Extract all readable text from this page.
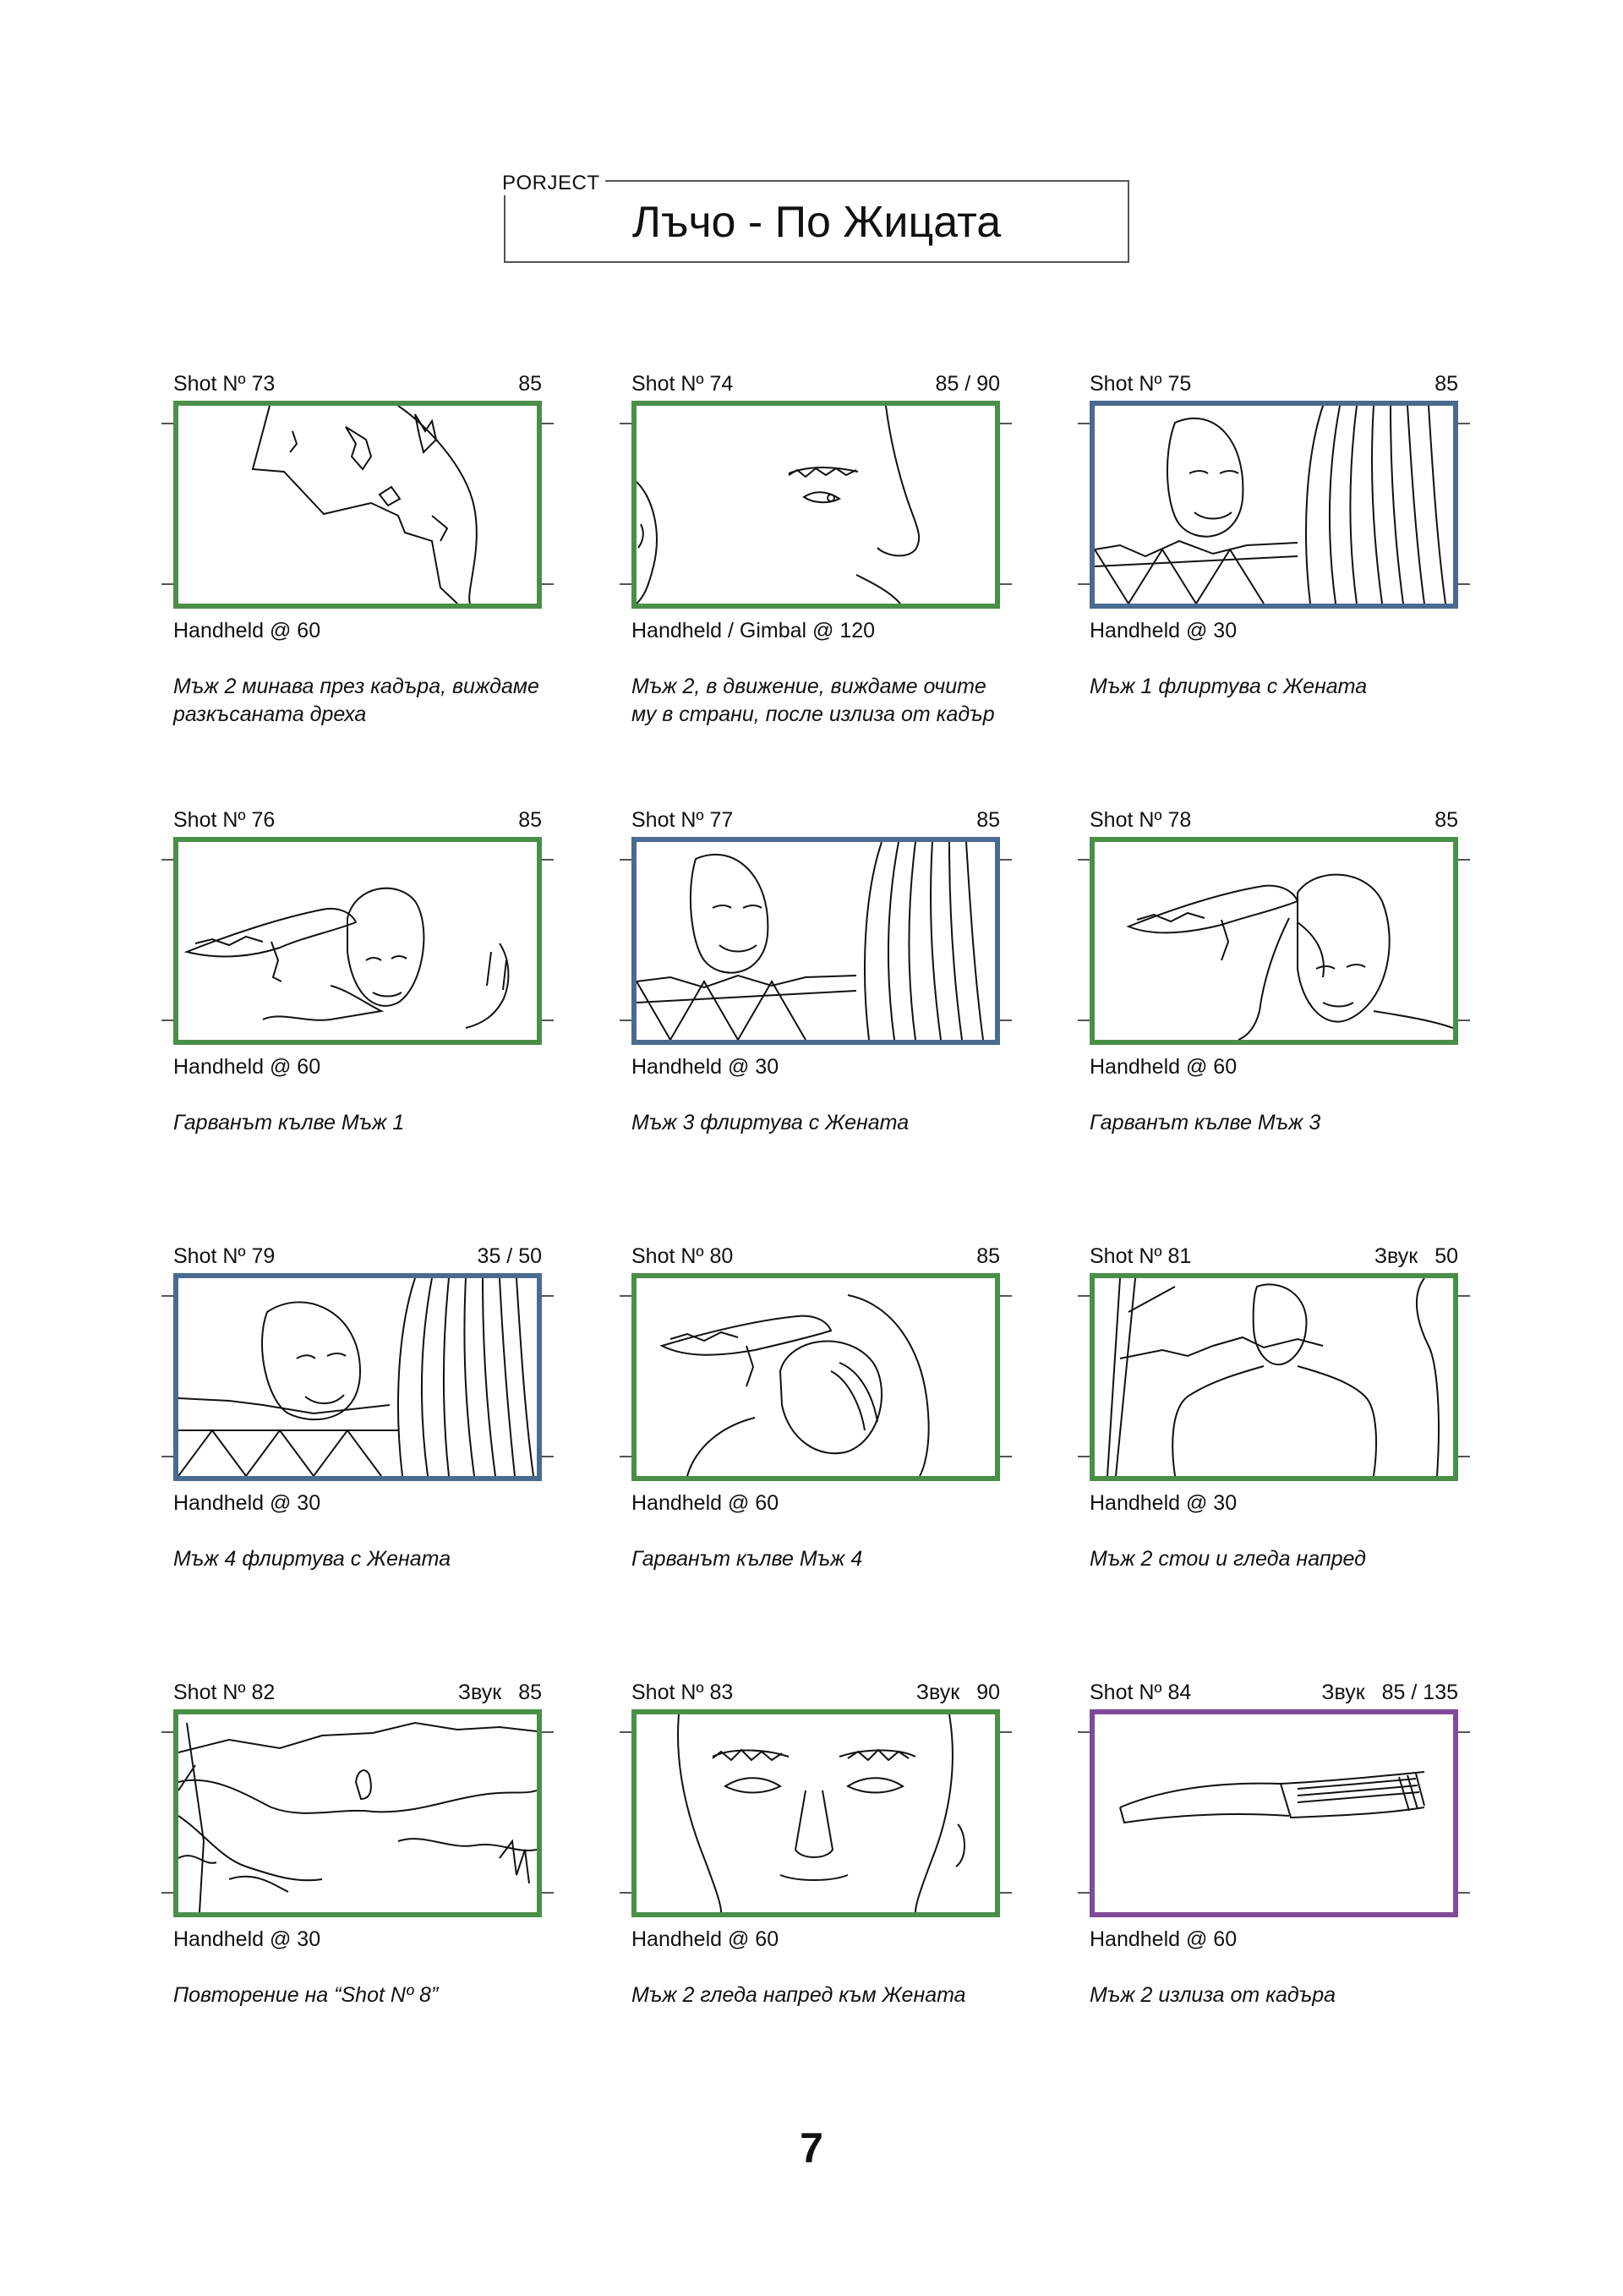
PORJECT
Лъчо - По Жицата
Shot Nº 73	85
Handheld @ 60
Мъж 2 минава през кадъра, виждаме разкъсаната дреха
Shot Nº 74	85 / 90
Handheld / Gimbal @ 120
Мъж 2, в движение, виждаме очите му в страни, после излиза от кадър
Shot Nº 75	85
Handheld @ 30
Мъж 1 флиртува с Жената
Shot Nº 76	85
Handheld @ 60
Гарванът кълве Мъж 1
Shot Nº 77	85
Handheld @ 30
Мъж 3 флиртува с Жената
Shot Nº 78	85
Handheld @ 60
Гарванът кълве Мъж 3
Shot Nº 79	35 / 50
Handheld @ 30
Мъж 4 флиртува с Жената
Shot Nº 80	85
Handheld @ 60
Гарванът кълве Мъж 4
Shot Nº 81	Звук 50
Handheld @ 30
Мъж 2 стои и гледа напред
Shot Nº 82	Звук 85
Handheld @ 30
Повторение на “Shot Nº 8”
Shot Nº 83	Звук 90
Handheld @ 60
Мъж 2 гледа напред към Жената
Shot Nº 84	Звук 85 / 135
Handheld @ 60
Мъж 2 излиза от кадъра
7
